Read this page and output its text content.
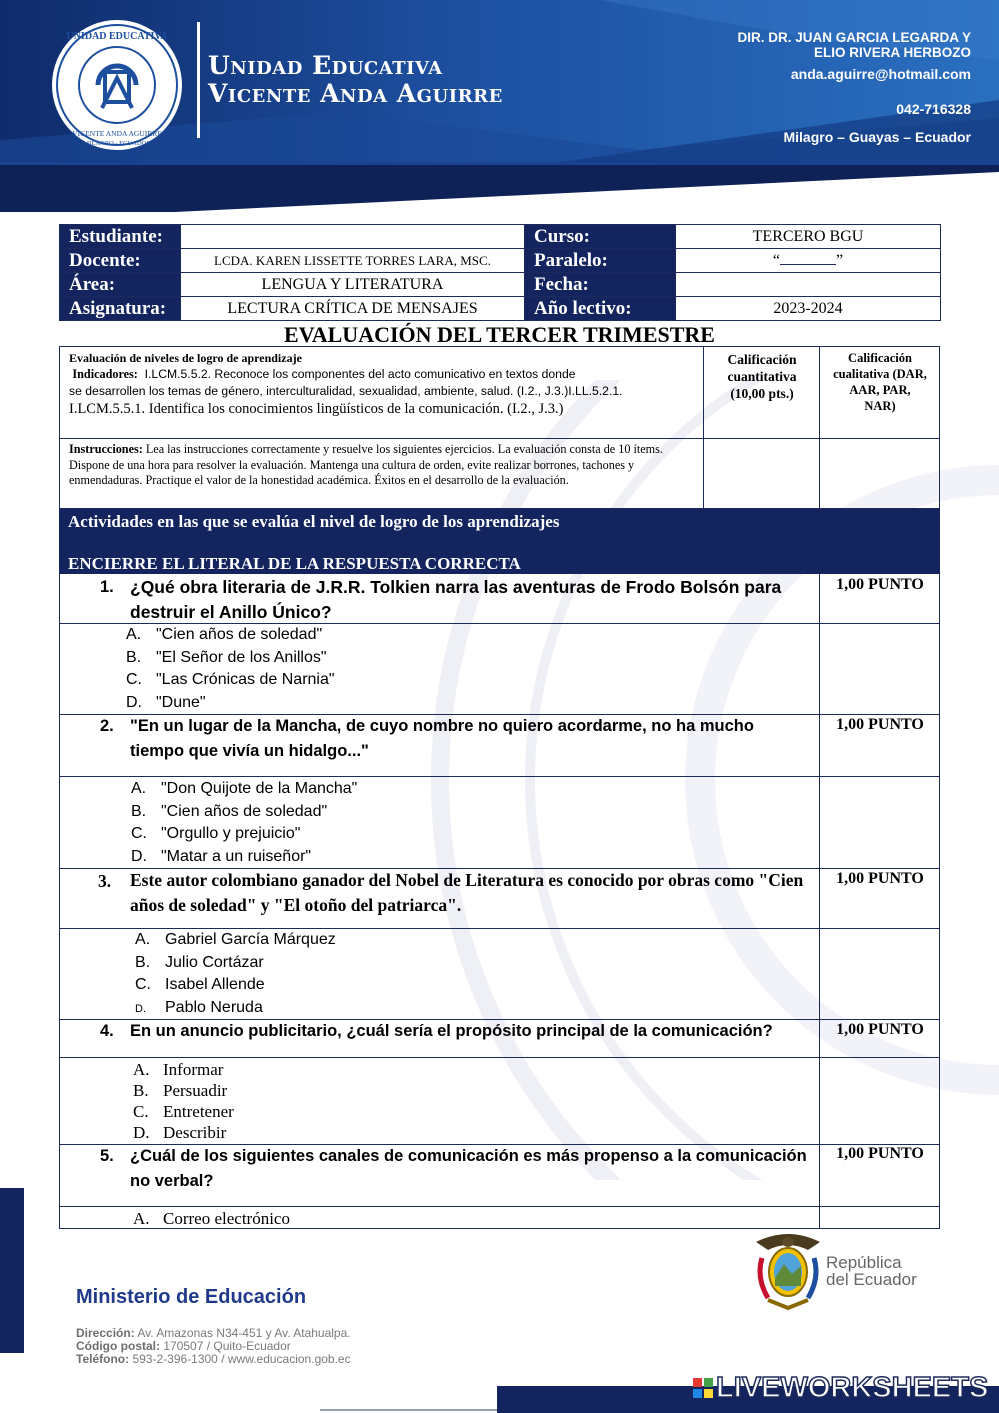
UNIDAD EDUCATIVA
VICENTE ANDA AGUIRRE
MILAGRO - ECUADOR
Unidad Educativa
Vicente Anda Aguirre
DIR. DR. JUAN GARCIA LEGARDA Y
ELIO RIVERA HERBOZO
anda.aguirre@hotmail.com
042-716328
Milagro – Guayas – Ecuador
Estudiante:		Curso:	TERCERO BGU
Docente:	LCDA. KAREN LISSETTE TORRES LARA, MSC.	Paralelo:	“ ”
Área:	LENGUA Y LITERATURA	Fecha:	
Asignatura:	LECTURA CRÍTICA DE MENSAJES	Año lectivo:	2023-2024
EVALUACIÓN DEL TERCER TRIMESTRE
Evaluación de niveles de logro de aprendizaje
Indicadores: I.LCM.5.5.2. Reconoce los componentes del acto comunicativo en textos donde
se desarrollen los temas de género, interculturalidad, sexualidad, ambiente, salud. (I.2., J.3.)I.LL.5.2.1.
I.LCM.5.5.1. Identifica los conocimientos lingüísticos de la comunicación. (I.2., J.3.)
Calificación
cuantitativa
(10,00 pts.)
Calificación
cualitativa (DAR,
AAR, PAR,
NAR)
Instrucciones: Lea las instrucciones correctamente y resuelve los siguientes ejercicios. La evaluación consta de 10 ítems. Dispone de una hora para resolver la evaluación. Mantenga una cultura de orden, evite realizar borrones, tachones y enmendaduras. Practique el valor de la honestidad académica. Éxitos en el desarrollo de la evaluación.
Actividades en las que se evalúa el nivel de logro de los aprendizajes
ENCIERRE EL LITERAL DE LA RESPUESTA CORRECTA
1. ¿Qué obra literaria de J.R.R. Tolkien narra las aventuras de Frodo Bolsón para destruir el Anillo Único?
1,00 PUNTO
A. "Cien años de soledad"
B. "El Señor de los Anillos"
C. "Las Crónicas de Narnia"
D. "Dune"
2. "En un lugar de la Mancha, de cuyo nombre no quiero acordarme, no ha mucho tiempo que vivía un hidalgo..."
1,00 PUNTO
A. "Don Quijote de la Mancha"
B. "Cien años de soledad"
C. "Orgullo y prejuicio"
D. "Matar a un ruiseñor"
3. Este autor colombiano ganador del Nobel de Literatura es conocido por obras como "Cien años de soledad" y "El otoño del patriarca".
1,00 PUNTO
A. Gabriel García Márquez
B. Julio Cortázar
C. Isabel Allende
D. Pablo Neruda
4. En un anuncio publicitario, ¿cuál sería el propósito principal de la comunicación?	1,00 PUNTO
A. Informar
B. Persuadir
C. Entretener
D. Describir
5. ¿Cuál de los siguientes canales de comunicación es más propenso a la comunicación no verbal?
1,00 PUNTO
A. Correo electrónico
Ministerio de Educación
Dirección: Av. Amazonas N34-451 y Av. Atahualpa.
Código postal: 170507 / Quito-Ecuador
Teléfono: 593-2-396-1300 / www.educacion.gob.ec
República
del Ecuador
LIVEWORKSHEETS
